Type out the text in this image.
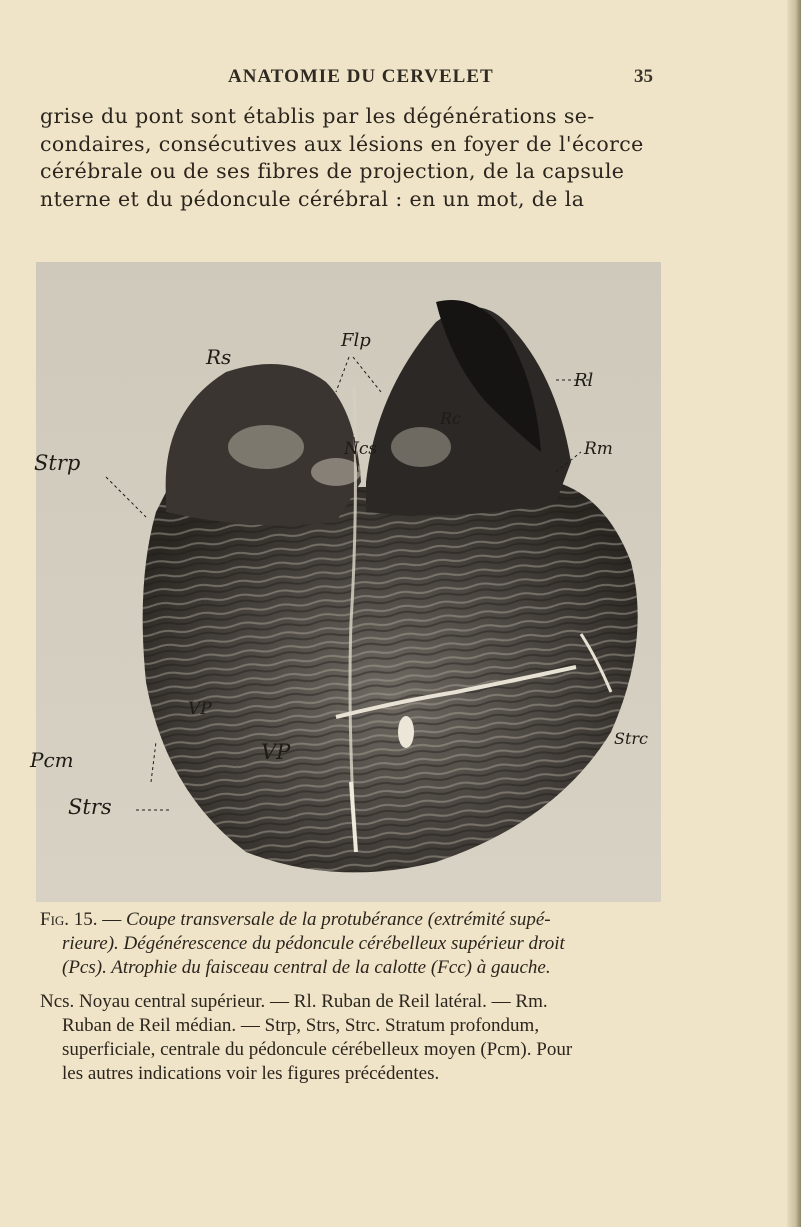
ANATOMIE DU CERVELET	35
grise du pont sont établis par les dégénérations se-
condaires, consécutives aux lésions en foyer de l'écorce
cérébrale ou de ses fibres de projection, de la capsule
nterne et du pédoncule cérébral : en un mot, de la
Rs
Flp
Rl
Rc
Ncs
Strp
Rm
Pcm
VP
VP
Strs
Strc

Fig. 15. — Coupe transversale de la protubérance (extrémité supé-
rieure). Dégénérescence du pédoncule cérébelleux supérieur droit
(Pcs). Atrophie du faisceau central de la calotte (Fcc) à gauche.

Ncs. Noyau central supérieur. — Rl. Ruban de Reil latéral. — Rm.
Ruban de Reil médian. — Strp, Strs, Strc. Stratum profondum,
superficiale, centrale du pédoncule cérébelleux moyen (Pcm). Pour
les autres indications voir les figures précédentes.
